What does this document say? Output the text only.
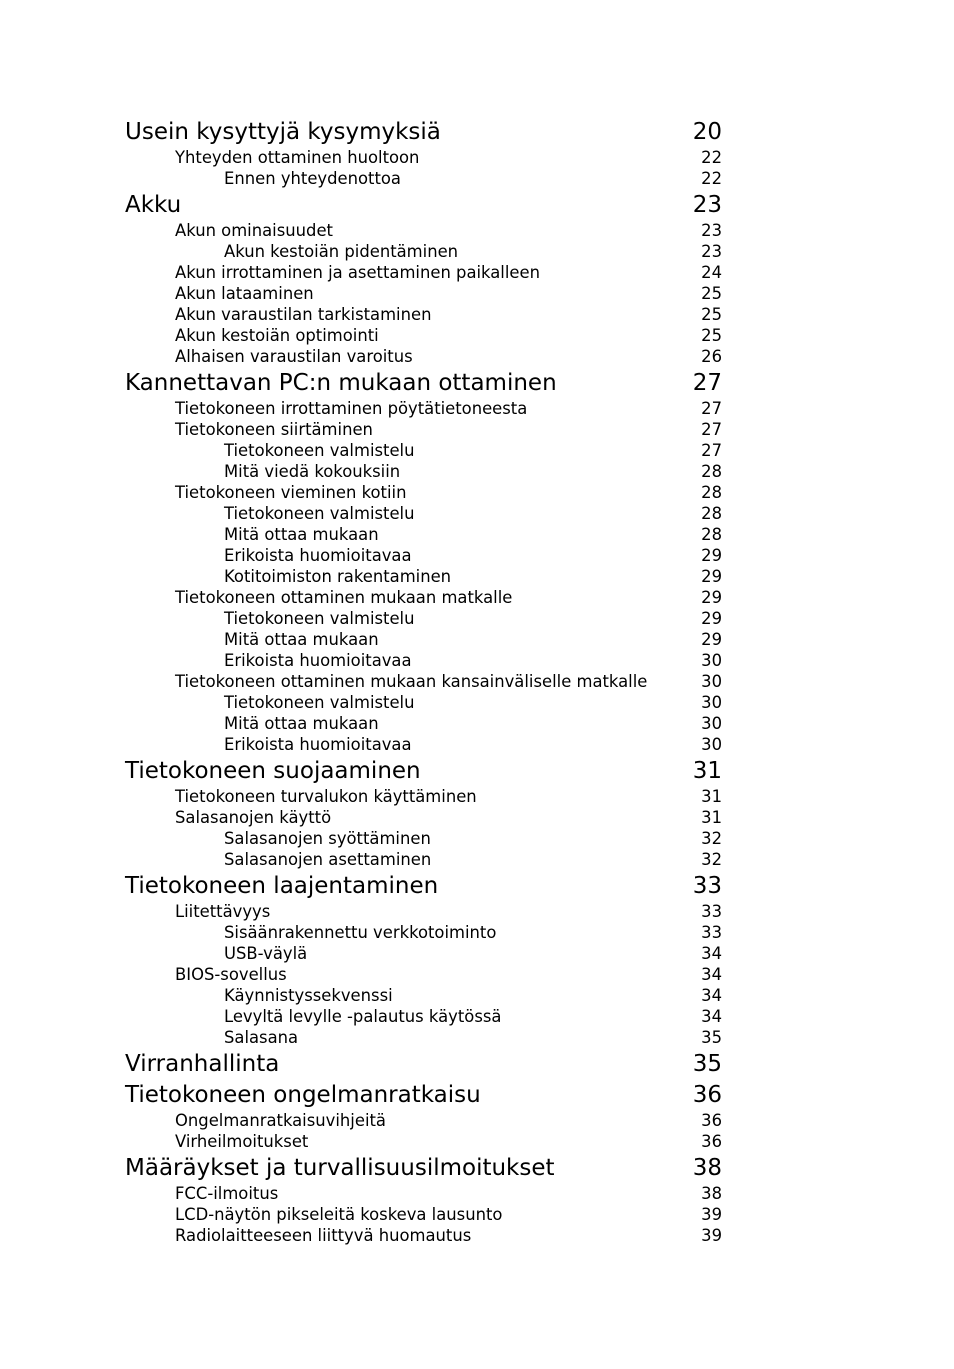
Usein kysyttyjä kysymyksiä	20
Yhteyden ottaminen huoltoon	22
Ennen yhteydenottoa	22
Akku	23
Akun ominaisuudet	23
Akun kestoiän pidentäminen	23
Akun irrottaminen ja asettaminen paikalleen	24
Akun lataaminen	25
Akun varaustilan tarkistaminen	25
Akun kestoiän optimointi	25
Alhaisen varaustilan varoitus	26
Kannettavan PC:n mukaan ottaminen	27
Tietokoneen irrottaminen pöytätietoneesta	27
Tietokoneen siirtäminen	27
Tietokoneen valmistelu	27
Mitä viedä kokouksiin	28
Tietokoneen vieminen kotiin	28
Tietokoneen valmistelu	28
Mitä ottaa mukaan	28
Erikoista huomioitavaa	29
Kotitoimiston rakentaminen	29
Tietokoneen ottaminen mukaan matkalle	29
Tietokoneen valmistelu	29
Mitä ottaa mukaan	29
Erikoista huomioitavaa	30
Tietokoneen ottaminen mukaan kansainväliselle matkalle	30
Tietokoneen valmistelu	30
Mitä ottaa mukaan	30
Erikoista huomioitavaa	30
Tietokoneen suojaaminen	31
Tietokoneen turvalukon käyttäminen	31
Salasanojen käyttö	31
Salasanojen syöttäminen	32
Salasanojen asettaminen	32
Tietokoneen laajentaminen	33
Liitettävyys	33
Sisäänrakennettu verkkotoiminto	33
USB-väylä	34
BIOS-sovellus	34
Käynnistyssekvenssi	34
Levyltä levylle -palautus käytössä	34
Salasana	35
Virranhallinta	35
Tietokoneen ongelmanratkaisu	36
Ongelmanratkaisuvihjeitä	36
Virheilmoitukset	36
Määräykset ja turvallisuusilmoitukset	38
FCC-ilmoitus	38
LCD-näytön pikseleitä koskeva lausunto	39
Radiolaitteeseen liittyvä huomautus	39
